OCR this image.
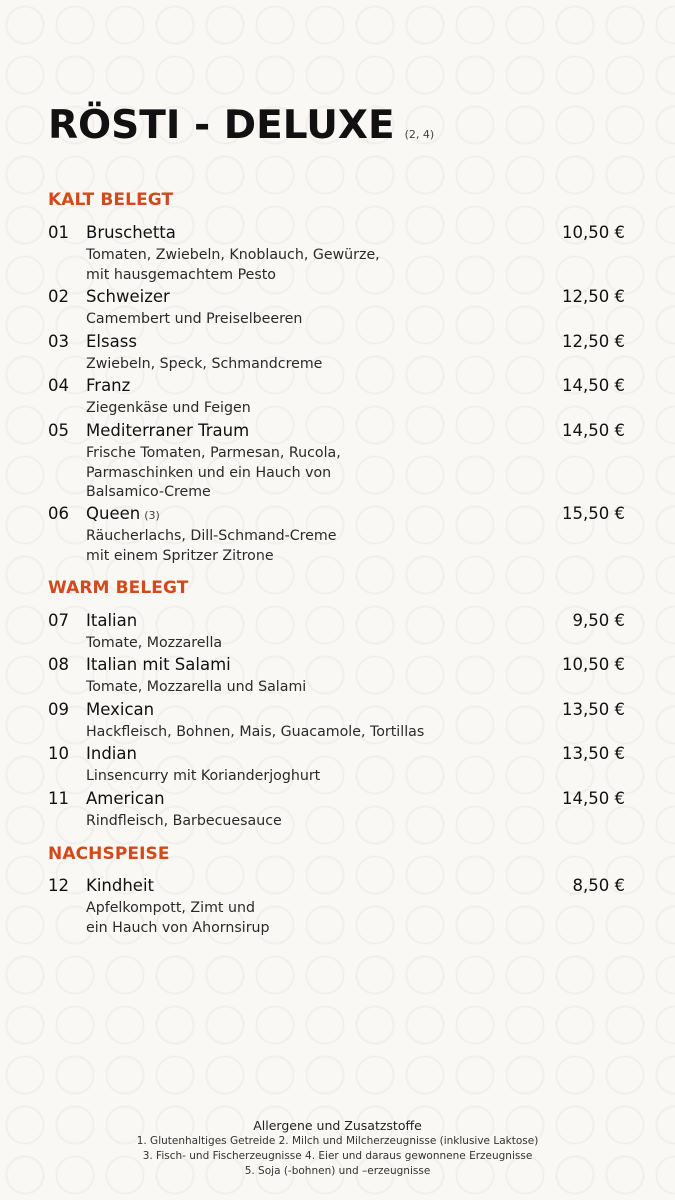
RÖSTI - DELUXE (2, 4)
KALT BELEGT
01	Bruschetta	10,50 €
Tomaten, Zwiebeln, Knoblauch, Gewürze,
mit hausgemachtem Pesto
02	Schweizer	12,50 €
Camembert und Preiselbeeren
03	Elsass	12,50 €
Zwiebeln, Speck, Schmandcreme
04	Franz	14,50 €
Ziegenkäse und Feigen
05	Mediterraner Traum	14,50 €
Frische Tomaten, Parmesan, Rucola,
Parmaschinken und ein Hauch von
Balsamico-Creme
06	Queen (3)	15,50 €
Räucherlachs, Dill-Schmand-Creme
mit einem Spritzer Zitrone
WARM BELEGT
07	Italian	9,50 €
Tomate, Mozzarella
08	Italian mit Salami	10,50 €
Tomate, Mozzarella und Salami
09	Mexican	13,50 €
Hackfleisch, Bohnen, Mais, Guacamole, Tortillas
10	Indian	13,50 €
Linsencurry mit Korianderjoghurt
11	American	14,50 €
Rindfleisch, Barbecuesauce
NACHSPEISE
12	Kindheit	8,50 €
Apfelkompott, Zimt und
ein Hauch von Ahornsirup
Allergene und Zusatzstoffe
1. Glutenhaltiges Getreide 2. Milch und Milcherzeugnisse (inklusive Laktose)
3. Fisch- und Fischerzeugnisse 4. Eier und daraus gewonnene Erzeugnisse
5. Soja (-bohnen) und –erzeugnisse
